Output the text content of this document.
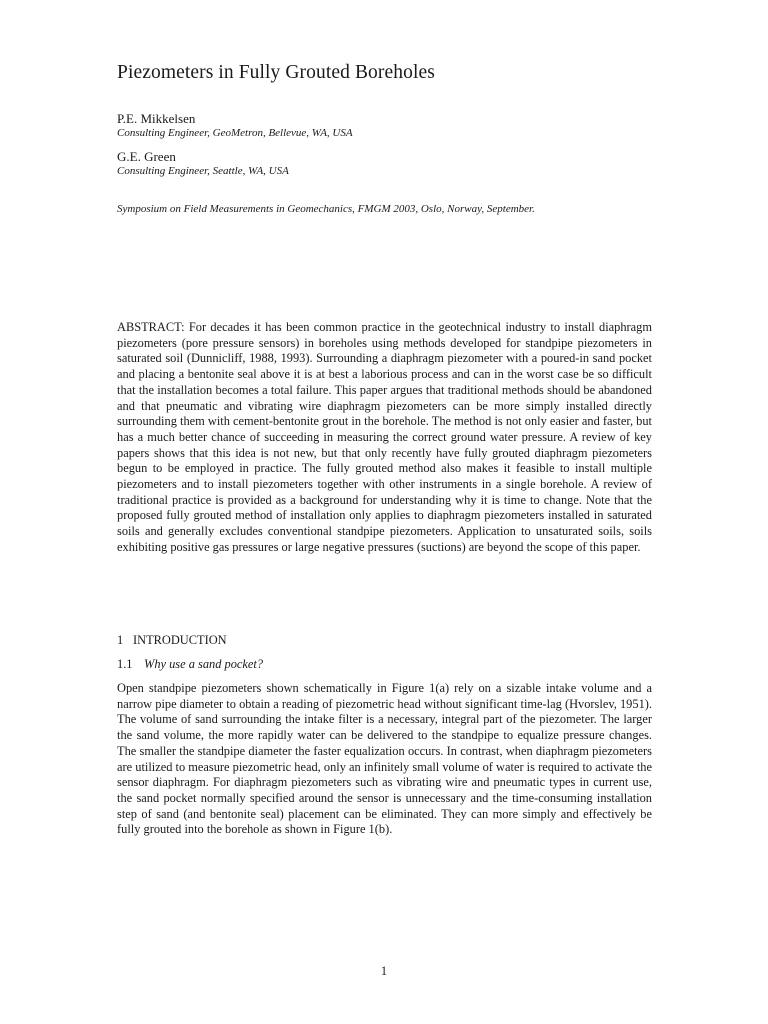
Piezometers in Fully Grouted Boreholes
P.E. Mikkelsen
Consulting Engineer, GeoMetron, Bellevue, WA, USA
G.E. Green
Consulting Engineer, Seattle, WA, USA
Symposium on Field Measurements in Geomechanics, FMGM 2003, Oslo, Norway, September.
ABSTRACT: For decades it has been common practice in the geotechnical industry to install diaphragm piezometers (pore pressure sensors) in boreholes using methods developed for standpipe piezometers in saturated soil (Dunnicliff, 1988, 1993). Surrounding a diaphragm piezometer with a poured-in sand pocket and placing a bentonite seal above it is at best a laborious process and can in the worst case be so difficult that the installation becomes a total failure. This paper argues that traditional methods should be abandoned and that pneumatic and vibrating wire diaphragm piezometers can be more simply installed directly surrounding them with cement-bentonite grout in the borehole. The method is not only easier and faster, but has a much better chance of succeeding in measuring the correct ground water pressure. A review of key papers shows that this idea is not new, but that only recently have fully grouted diaphragm piezometers begun to be employed in practice. The fully grouted method also makes it feasible to install multiple piezometers and to install piezometers together with other instruments in a single borehole. A review of traditional practice is provided as a background for understanding why it is time to change. Note that the proposed fully grouted method of installation only applies to diaphragm piezometers installed in saturated soils and generally excludes conventional standpipe piezometers. Application to unsaturated soils, soils exhibiting positive gas pressures or large negative pressures (suctions) are beyond the scope of this paper.
1 INTRODUCTION
1.1 Why use a sand pocket?
Open standpipe piezometers shown schematically in Figure 1(a) rely on a sizable intake volume and a narrow pipe diameter to obtain a reading of piezometric head without significant time-lag (Hvorslev, 1951). The volume of sand surrounding the intake filter is a necessary, integral part of the piezometer. The larger the sand volume, the more rapidly water can be delivered to the standpipe to equalize pressure changes. The smaller the standpipe diameter the faster equalization occurs. In contrast, when diaphragm piezometers are utilized to measure piezometric head, only an infinitely small volume of water is required to activate the sensor diaphragm. For diaphragm piezometers such as vibrating wire and pneumatic types in current use, the sand pocket normally specified around the sensor is unnecessary and the time-consuming installation step of sand (and bentonite seal) placement can be eliminated. They can more simply and effectively be fully grouted into the borehole as shown in Figure 1(b).
1
